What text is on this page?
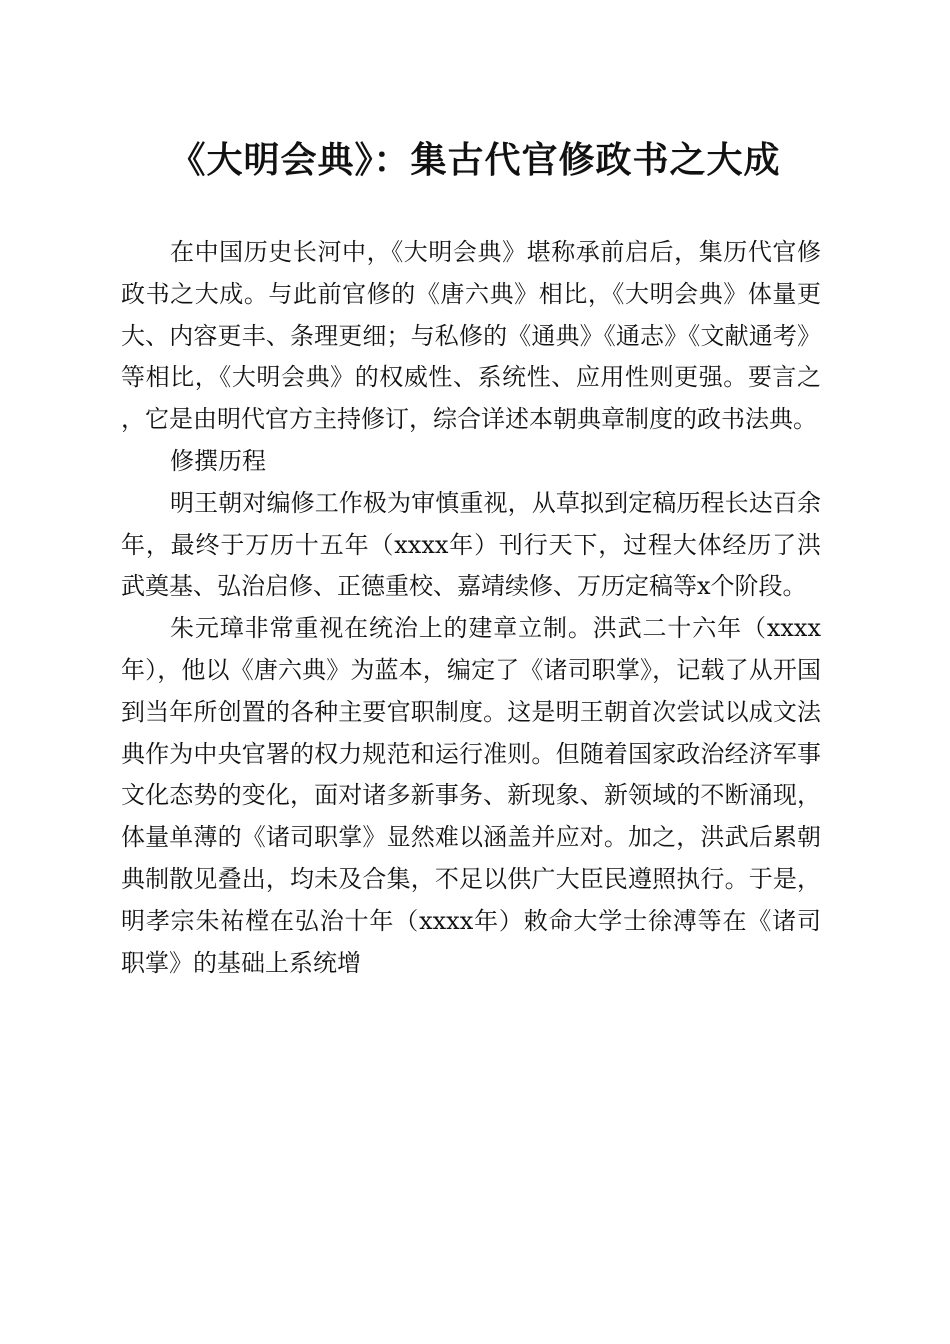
《大明会典》：集古代官修政书之大成

在中国历史长河中，《大明会典》堪称承前启后，集历代官修政书之大成。与此前官修的《唐六典》相比，《大明会典》体量更大、内容更丰、条理更细；与私修的《通典》《通志》《文献通考》等相比，《大明会典》的权威性、系统性、应用性则更强。要言之，它是由明代官方主持修订，综合详述本朝典章制度的政书法典。

修撰历程

明王朝对编修工作极为审慎重视，从草拟到定稿历程长达百余年，最终于万历十五年（xxxx年）刊行天下，过程大体经历了洪武奠基、弘治启修、正德重校、嘉靖续修、万历定稿等x个阶段。

朱元璋非常重视在统治上的建章立制。洪武二十六年（xxxx年），他以《唐六典》为蓝本，编定了《诸司职掌》，记载了从开国到当年所创置的各种主要官职制度。这是明王朝首次尝试以成文法典作为中央官署的权力规范和运行准则。但随着国家政治经济军事文化态势的变化，面对诸多新事务、新现象、新领域的不断涌现，体量单薄的《诸司职掌》显然难以涵盖并应对。加之，洪武后累朝典制散见叠出，均未及合集，不足以供广大臣民遵照执行。于是，明孝宗朱祐樘在弘治十年（xxxx年）敕命大学士徐溥等在《诸司职掌》的基础上系统增
